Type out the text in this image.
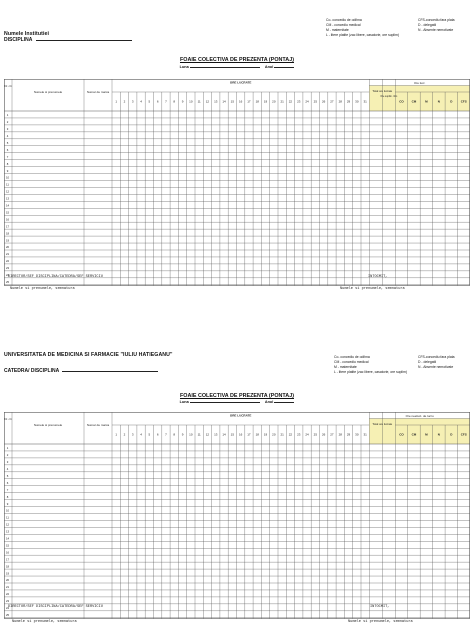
Numele Institutiei
DISCIPLINA
Co- concediu de odihna	CFS-concediu fara plata
CM - concediu medical	D - delegatii
M - maternitate	N - Absente nemotivate
L - litere platite (zac libere, casatorie, ore suplim)
FOAIE COLECTIVA DE PREZENTA (PONTAJ)
Luna	Anul
Nr. crt
Numele si prenumele	Numar de marca
ORE LUCRATE	Ore lucr.
Total ore lucrate
Ore suplim. ritm
1 2 3 4 5 6 7 8 9 10 11 12 13 14 15 16 17 18 19 20 21 22 23 24 25 26 27 28 29 30 31	CO	CM	M	N	D	CFS
1
2
3
4
5
6
7
8
9
10
11
12
13
14
15
16
17
18
19
20
21
22
23
24
25
DIRECTOR/SEF DISCIPLINA/CATEDRA/SEF SERVICIU
Numele si prenumele, semnatura
INTOCMIT,
Numele si prenumele, semnatura
UNIVERSITATEA DE MEDICINA SI FARMACIE "IULIU HATIEGANU"
CATEDRA/ DISCIPLINA
Co- concediu de odihna	CFS-concediu fara plata
CM - concediu medical	D - delegatii
M - maternitate	N - Absente nemotivate
L - litere platite (zac libere, casatorie, ore suplim)
FOAIE COLECTIVA DE PREZENTA (PONTAJ)
Luna	Anul
Nr. crt
Numele si prenumele	Numar de marca
ORE LUCRATE	Ore neefect. de lucru
Total ore lucrate
1 2 3 4 5 6 7 8 9 10 11 12 13 14 15 16 17 18 19 20 21 22 23 24 25 26 27 28 29 30 31	CO	CM	M	N	D	CFS
1
2
3
4
5
6
7
8
9
10
11
12
13
14
15
16
17
18
19
20
21
22
23
24
25
DIRECTOR/SEF DISCIPLINA/CATEDRA/SEF SERVICIU
Numele si prenumele, semnatura
INTOCMIT,
Numele si prenumele, semnatura
